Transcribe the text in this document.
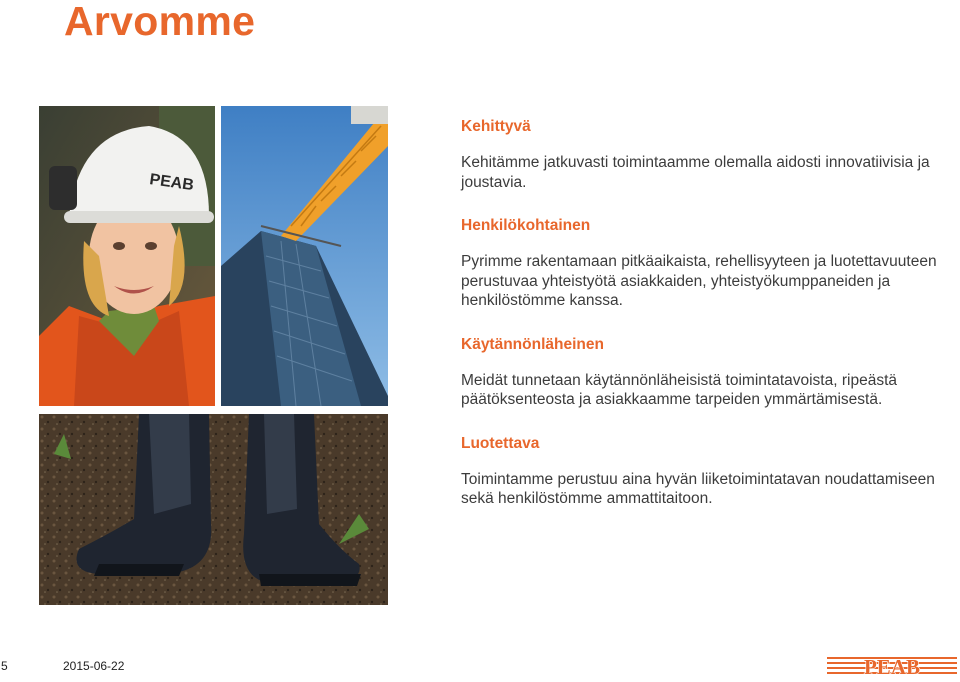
Arvomme
PEAB
Kehittyvä
Kehitämme jatkuvasti toimintaamme olemalla aidosti innovatiivisia ja joustavia.
Henkilökohtainen
Pyrimme rakentamaan pitkäaikaista, rehellisyyteen ja luotettavuuteen perustuvaa yhteistyötä asiakkaiden, yhteistyökumppaneiden ja henkilöstömme kanssa.
Käytännönläheinen
Meidät tunnetaan käytännönläheisistä toimintatavoista, ripeästä päätöksenteosta ja asiakkaamme tarpeiden ymmärtämisestä.
Luotettava
Toimintamme perustuu aina hyvän liiketoimintatavan noudattamiseen sekä henkilöstömme ammattitaitoon.
5	2015-06-22	PEAB
